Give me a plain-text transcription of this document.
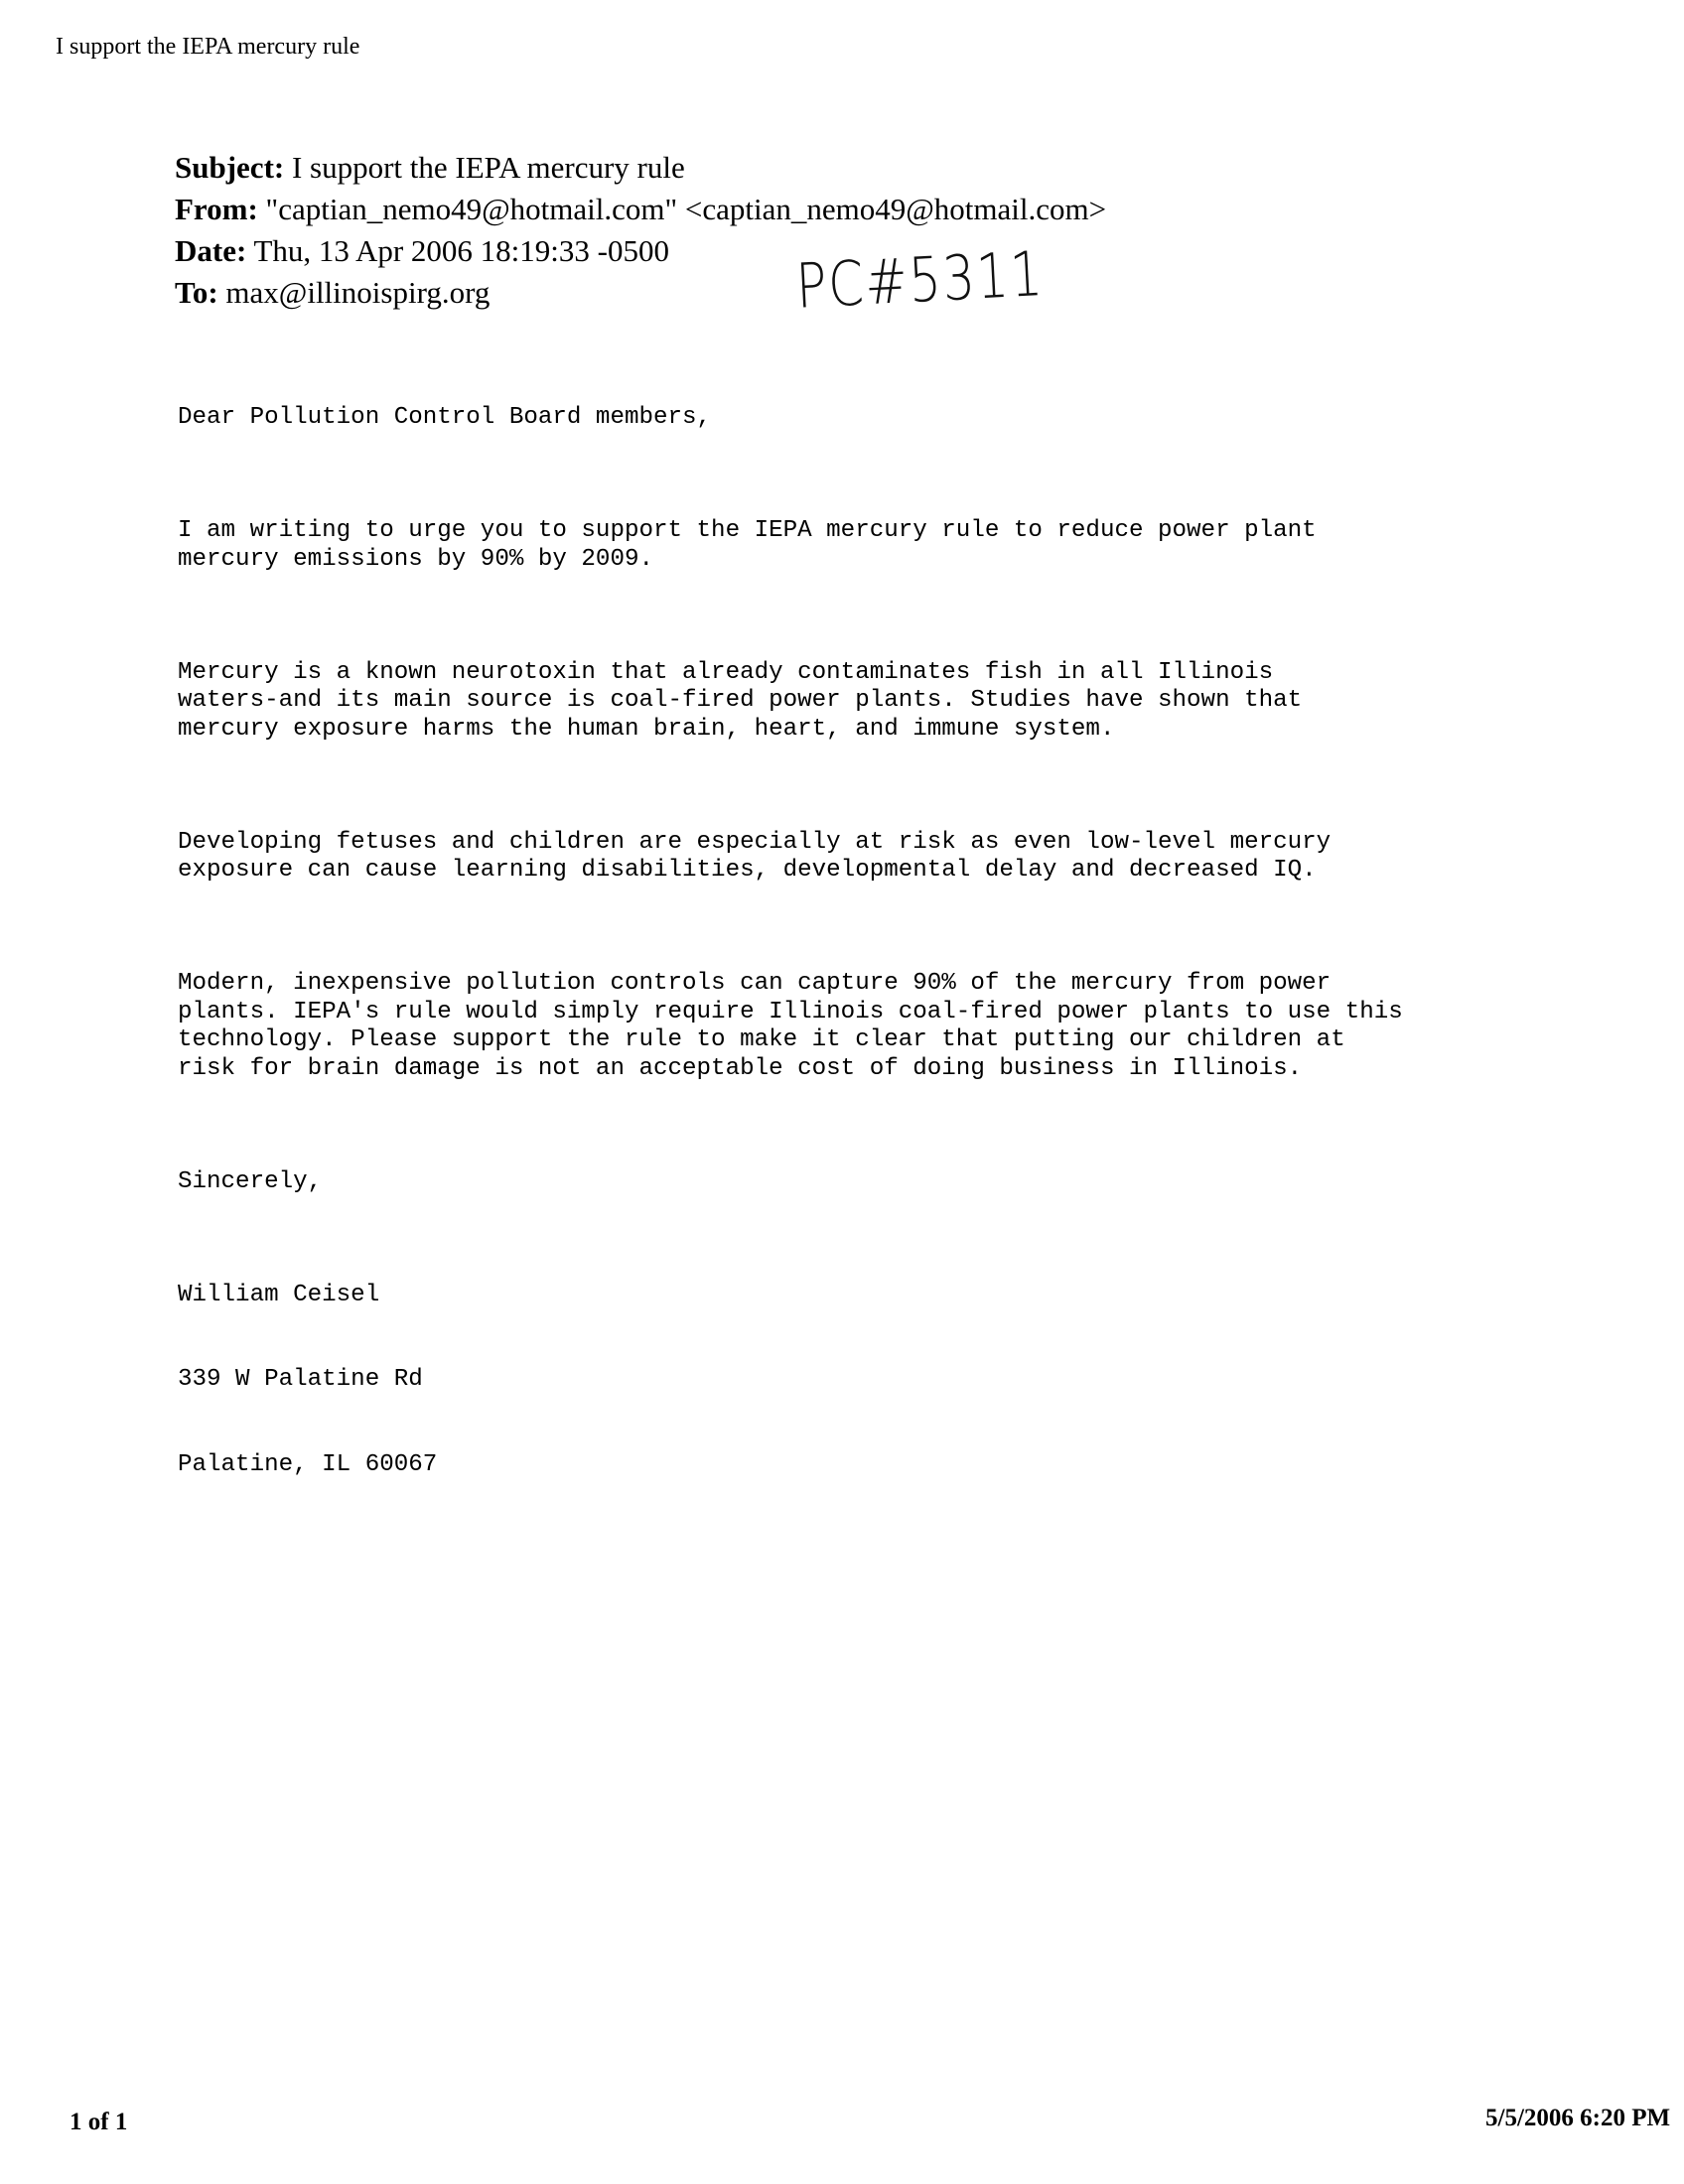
I support the IEPA mercury rule
Subject: I support the IEPA mercury rule
From: "captian_nemo49@hotmail.com" <captian_nemo49@hotmail.com>
Date: Thu, 13 Apr 2006 18:19:33 -0500
To: max@illinoispirg.org	PC#5311

Dear Pollution Control Board members,

I am writing to urge you to support the IEPA mercury rule to reduce power plant
mercury emissions by 90% by 2009.

Mercury is a known neurotoxin that already contaminates fish in all Illinois
waters-and its main source is coal-fired power plants. Studies have shown that
mercury exposure harms the human brain, heart, and immune system.

Developing fetuses and children are especially at risk as even low-level mercury
exposure can cause learning disabilities, developmental delay and decreased IQ.

Modern, inexpensive pollution controls can capture 90% of the mercury from power
plants. IEPA's rule would simply require Illinois coal-fired power plants to use this
technology. Please support the rule to make it clear that putting our children at
risk for brain damage is not an acceptable cost of doing business in Illinois.

Sincerely,

William Ceisel

339 W Palatine Rd

Palatine, IL 60067

1 of 1	5/5/2006 6:20 PM
